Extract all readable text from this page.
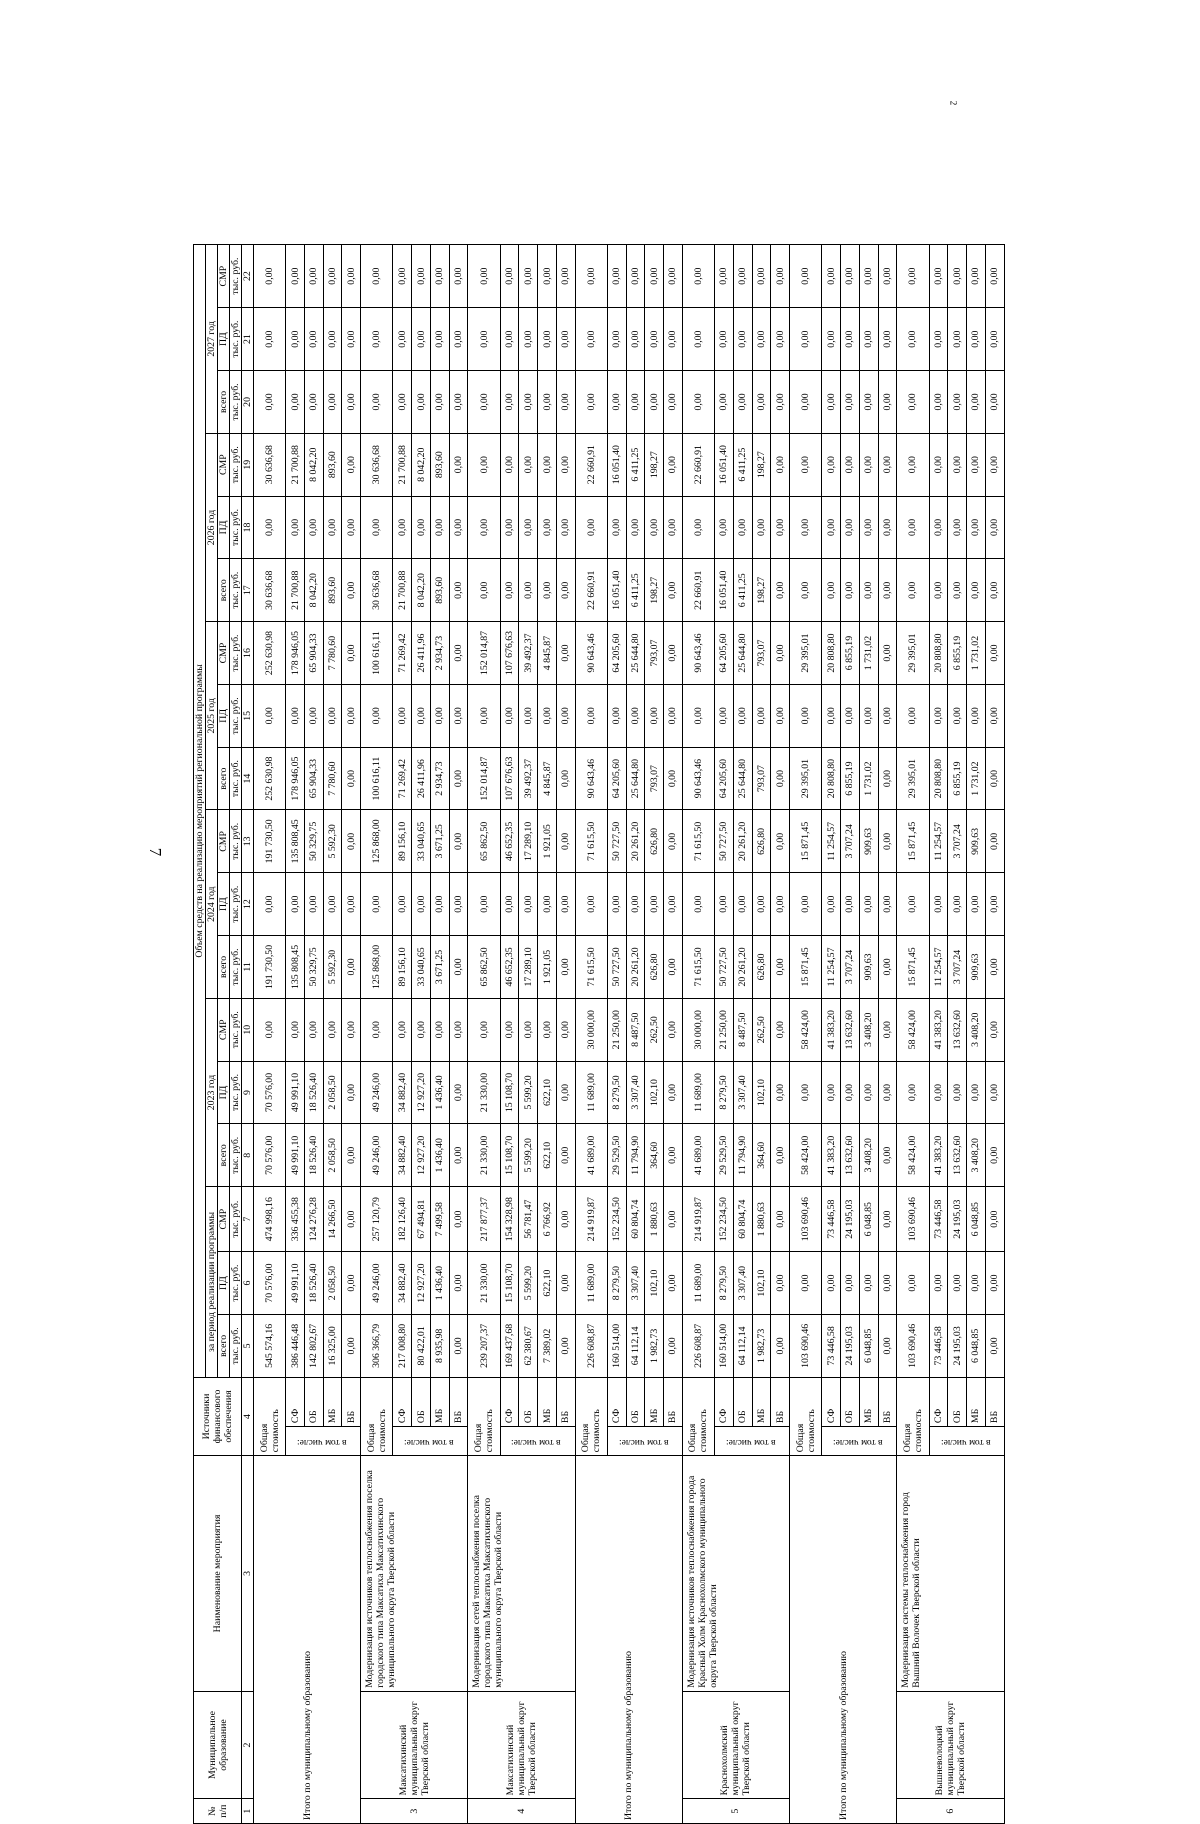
7
2
№ п/п	Муниципальное образование	Наименование мероприятия	Источники финансового обеспечения		Объем средств на реализацию мероприятий региональной программы																	
					за период реализации программы			2023 год			2024 год			2025 год			2026 год			2027 год		
					всего	ПД	СМР	всего	ПД	СМР	всего	ПД	СМР	всего	ПД	СМР	всего	ПД	СМР	всего	ПД	СМР
					тыс. руб.	тыс. руб.	тыс. руб.	тыс. руб.	тыс. руб.	тыс. руб.	тыс. руб.	тыс. руб.	тыс. руб.	тыс. руб.	тыс. руб.	тыс. руб.	тыс. руб.	тыс. руб.	тыс. руб.	тыс. руб.	тыс. руб.	тыс. руб.
1	2	3	4		5	6	7	8	9	10	11	12	13	14	15	16	17	18	19	20	21	22
Итого по муниципальному образованию			Общая стоимость		545 574,16	70 576,00	474 998,16	70 576,00	70 576,00	0,00	191 730,50	0,00	191 730,50	252 630,98	0,00	252 630,98	30 636,68	0,00	30 636,68	0,00	0,00	0,00
			в том числе:	СФ	386 446,48	49 991,10	336 455,38	49 991,10	49 991,10	0,00	135 808,45	0,00	135 808,45	178 946,05	0,00	178 946,05	21 700,88	0,00	21 700,88	0,00	0,00	0,00
				ОБ	142 802,67	18 526,40	124 276,28	18 526,40	18 526,40	0,00	50 329,75	0,00	50 329,75	65 904,33	0,00	65 904,33	8 042,20	0,00	8 042,20	0,00	0,00	0,00
				МБ	16 325,00	2 058,50	14 266,50	2 058,50	2 058,50	0,00	5 592,30	0,00	5 592,30	7 780,60	0,00	7 780,60	893,60	0,00	893,60	0,00	0,00	0,00
				ВБ	0,00	0,00	0,00	0,00	0,00	0,00	0,00	0,00	0,00	0,00	0,00	0,00	0,00	0,00	0,00	0,00	0,00	0,00
3	Максатихинский муниципальный округ Тверской области	Модернизация источников теплоснабжения поселка городского типа Максатиха Максатихинского муниципального округа Тверской области	Общая стоимость		306 366,79	49 246,00	257 120,79	49 246,00	49 246,00	0,00	125 868,00	0,00	125 868,00	100 616,11	0,00	100 616,11	30 636,68	0,00	30 636,68	0,00	0,00	0,00
			в том числе:	СФ	217 008,80	34 882,40	182 126,40	34 882,40	34 882,40	0,00	89 156,10	0,00	89 156,10	71 269,42	0,00	71 269,42	21 700,88	0,00	21 700,88	0,00	0,00	0,00
				ОБ	80 422,01	12 927,20	67 494,81	12 927,20	12 927,20	0,00	33 040,65	0,00	33 040,65	26 411,96	0,00	26 411,96	8 042,20	0,00	8 042,20	0,00	0,00	0,00
				МБ	8 935,98	1 436,40	7 499,58	1 436,40	1 436,40	0,00	3 671,25	0,00	3 671,25	2 934,73	0,00	2 934,73	893,60	0,00	893,60	0,00	0,00	0,00
				ВБ	0,00	0,00	0,00	0,00	0,00	0,00	0,00	0,00	0,00	0,00	0,00	0,00	0,00	0,00	0,00	0,00	0,00	0,00
4	Максатихинский муниципальный округ Тверской области	Модернизация сетей теплоснабжения поселка городского типа Максатиха Максатихинского муниципального округа Тверской области	Общая стоимость		239 207,37	21 330,00	217 877,37	21 330,00	21 330,00	0,00	65 862,50	0,00	65 862,50	152 014,87	0,00	152 014,87	0,00	0,00	0,00	0,00	0,00	0,00
			в том числе:	СФ	169 437,68	15 108,70	154 328,98	15 108,70	15 108,70	0,00	46 652,35	0,00	46 652,35	107 676,63	0,00	107 676,63	0,00	0,00	0,00	0,00	0,00	0,00
				ОБ	62 380,67	5 599,20	56 781,47	5 599,20	5 599,20	0,00	17 289,10	0,00	17 289,10	39 492,37	0,00	39 492,37	0,00	0,00	0,00	0,00	0,00	0,00
				МБ	7 389,02	622,10	6 766,92	622,10	622,10	0,00	1 921,05	0,00	1 921,05	4 845,87	0,00	4 845,87	0,00	0,00	0,00	0,00	0,00	0,00
				ВБ	0,00	0,00	0,00	0,00	0,00	0,00	0,00	0,00	0,00	0,00	0,00	0,00	0,00	0,00	0,00	0,00	0,00	0,00
Итого по муниципальному образованию			Общая стоимость		226 608,87	11 689,00	214 919,87	41 689,00	11 689,00	30 000,00	71 615,50	0,00	71 615,50	90 643,46	0,00	90 643,46	22 660,91	0,00	22 660,91	0,00	0,00	0,00
			в том числе:	СФ	160 514,00	8 279,50	152 234,50	29 529,50	8 279,50	21 250,00	50 727,50	0,00	50 727,50	64 205,60	0,00	64 205,60	16 051,40	0,00	16 051,40	0,00	0,00	0,00
				ОБ	64 112,14	3 307,40	60 804,74	11 794,90	3 307,40	8 487,50	20 261,20	0,00	20 261,20	25 644,80	0,00	25 644,80	6 411,25	0,00	6 411,25	0,00	0,00	0,00
				МБ	1 982,73	102,10	1 880,63	364,60	102,10	262,50	626,80	0,00	626,80	793,07	0,00	793,07	198,27	0,00	198,27	0,00	0,00	0,00
				ВБ	0,00	0,00	0,00	0,00	0,00	0,00	0,00	0,00	0,00	0,00	0,00	0,00	0,00	0,00	0,00	0,00	0,00	0,00
5	Краснохолмский муниципальный округ Тверской области	Модернизация источников теплоснабжения города Красный Холм Краснохолмского муниципального округа Тверской области	Общая стоимость		226 608,87	11 689,00	214 919,87	41 689,00	11 689,00	30 000,00	71 615,50	0,00	71 615,50	90 643,46	0,00	90 643,46	22 660,91	0,00	22 660,91	0,00	0,00	0,00
			в том числе:	СФ	160 514,00	8 279,50	152 234,50	29 529,50	8 279,50	21 250,00	50 727,50	0,00	50 727,50	64 205,60	0,00	64 205,60	16 051,40	0,00	16 051,40	0,00	0,00	0,00
				ОБ	64 112,14	3 307,40	60 804,74	11 794,90	3 307,40	8 487,50	20 261,20	0,00	20 261,20	25 644,80	0,00	25 644,80	6 411,25	0,00	6 411,25	0,00	0,00	0,00
				МБ	1 982,73	102,10	1 880,63	364,60	102,10	262,50	626,80	0,00	626,80	793,07	0,00	793,07	198,27	0,00	198,27	0,00	0,00	0,00
				ВБ	0,00	0,00	0,00	0,00	0,00	0,00	0,00	0,00	0,00	0,00	0,00	0,00	0,00	0,00	0,00	0,00	0,00	0,00
Итого по муниципальному образованию			Общая стоимость		103 690,46	0,00	103 690,46	58 424,00	0,00	58 424,00	15 871,45	0,00	15 871,45	29 395,01	0,00	29 395,01	0,00	0,00	0,00	0,00	0,00	0,00
			в том числе:	СФ	73 446,58	0,00	73 446,58	41 383,20	0,00	41 383,20	11 254,57	0,00	11 254,57	20 808,80	0,00	20 808,80	0,00	0,00	0,00	0,00	0,00	0,00
				ОБ	24 195,03	0,00	24 195,03	13 632,60	0,00	13 632,60	3 707,24	0,00	3 707,24	6 855,19	0,00	6 855,19	0,00	0,00	0,00	0,00	0,00	0,00
				МБ	6 048,85	0,00	6 048,85	3 408,20	0,00	3 408,20	909,63	0,00	909,63	1 731,02	0,00	1 731,02	0,00	0,00	0,00	0,00	0,00	0,00
				ВБ	0,00	0,00	0,00	0,00	0,00	0,00	0,00	0,00	0,00	0,00	0,00	0,00	0,00	0,00	0,00	0,00	0,00	0,00
6	Вышневолоцкий муниципальный округ Тверской области	Модернизация системы теплоснабжения город Вышний Волочек Тверской области	Общая стоимость		103 690,46	0,00	103 690,46	58 424,00	0,00	58 424,00	15 871,45	0,00	15 871,45	29 395,01	0,00	29 395,01	0,00	0,00	0,00	0,00	0,00	0,00
			в том числе:	СФ	73 446,58	0,00	73 446,58	41 383,20	0,00	41 383,20	11 254,57	0,00	11 254,57	20 808,80	0,00	20 808,80	0,00	0,00	0,00	0,00	0,00	0,00
				ОБ	24 195,03	0,00	24 195,03	13 632,60	0,00	13 632,60	3 707,24	0,00	3 707,24	6 855,19	0,00	6 855,19	0,00	0,00	0,00	0,00	0,00	0,00
				МБ	6 048,85	0,00	6 048,85	3 408,20	0,00	3 408,20	909,63	0,00	909,63	1 731,02	0,00	1 731,02	0,00	0,00	0,00	0,00	0,00	0,00
				ВБ	0,00	0,00	0,00	0,00	0,00	0,00	0,00	0,00	0,00	0,00	0,00	0,00	0,00	0,00	0,00	0,00	0,00	0,00
